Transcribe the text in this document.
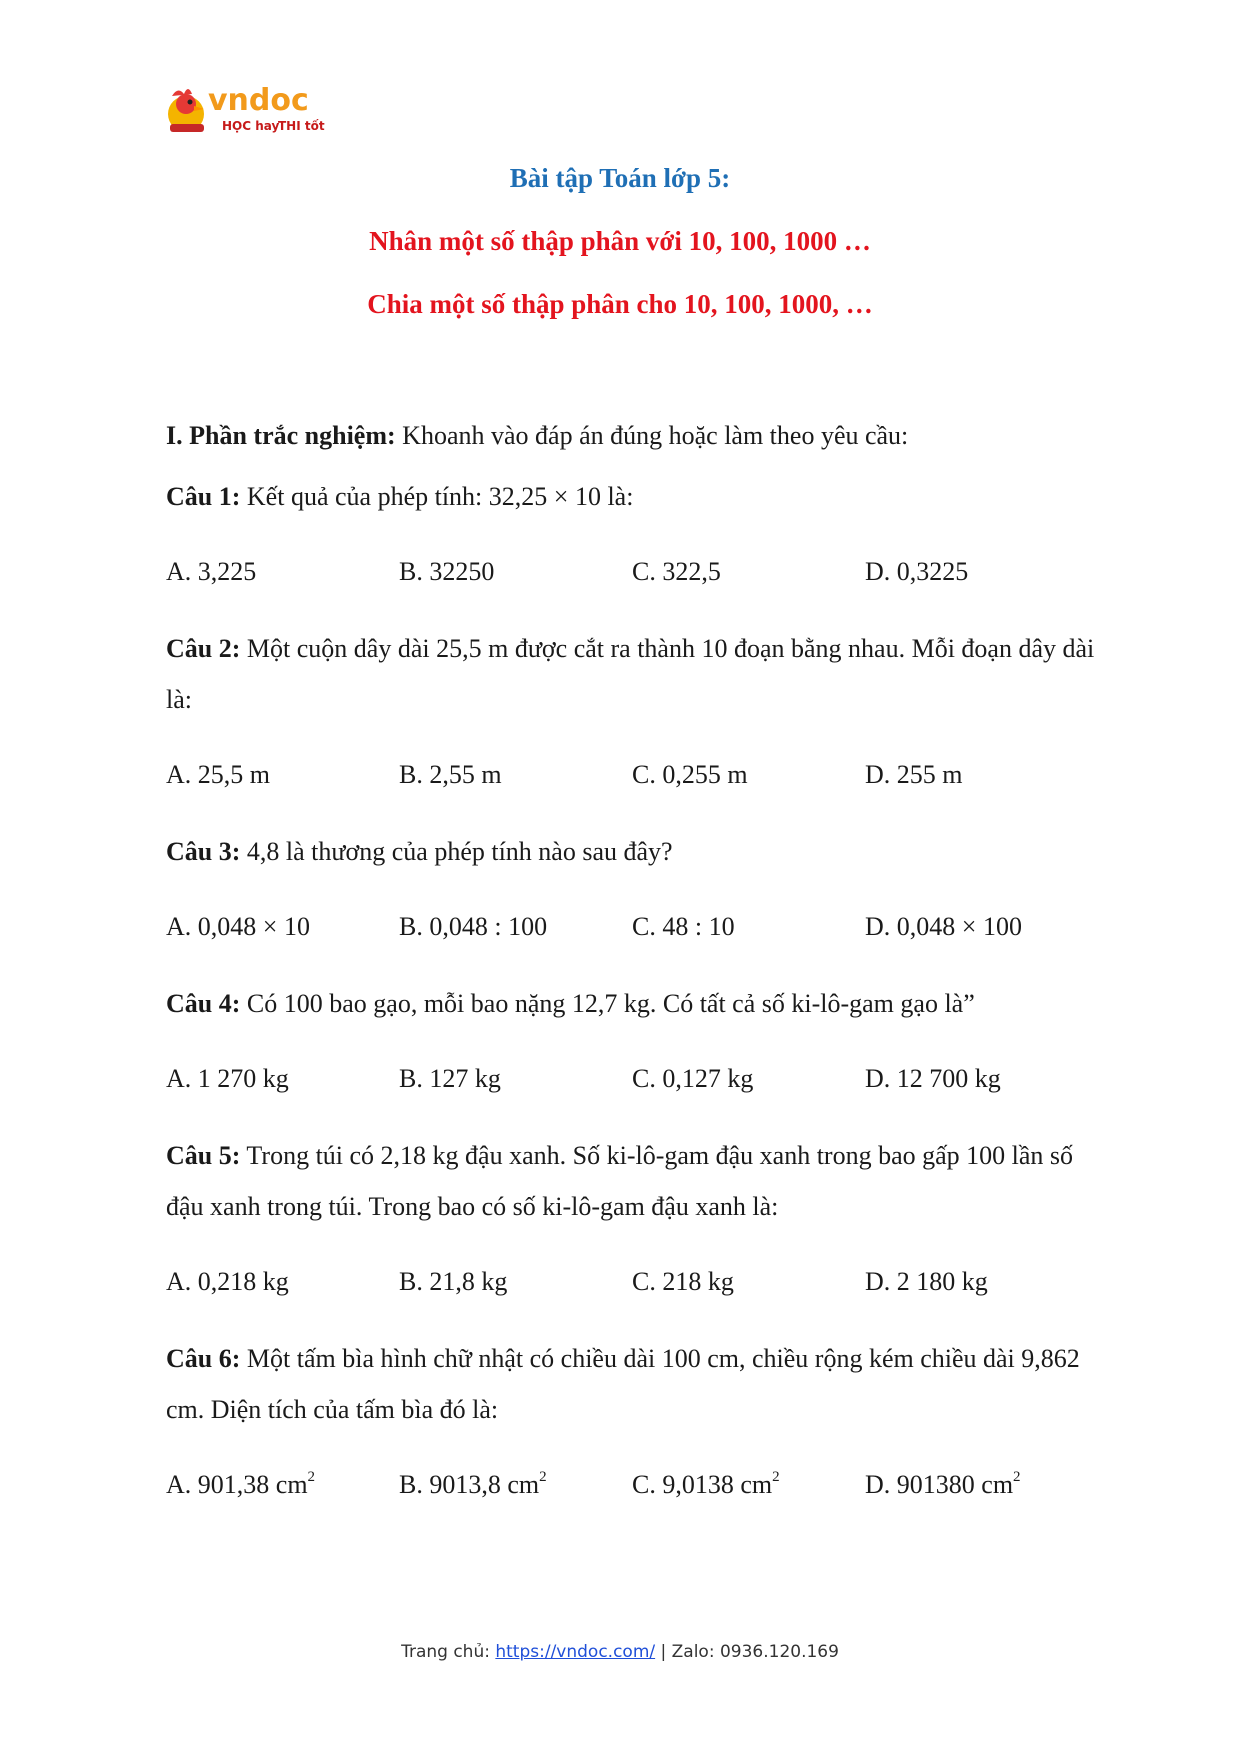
vndoc
HỌC hay
THI tốt
Bài tập Toán lớp 5:
Nhân một số thập phân với 10, 100, 1000 …
Chia một số thập phân cho 10, 100, 1000, …

I. Phần trắc nghiệm: Khoanh vào đáp án đúng hoặc làm theo yêu cầu:

Câu 1: Kết quả của phép tính: 32,25 × 10 là:

A. 3,225	B. 32250	C. 322,5	D. 0,3225

Câu 2: Một cuộn dây dài 25,5 m được cắt ra thành 10 đoạn bằng nhau. Mỗi đoạn dây dài là:

A. 25,5 m	B. 2,55 m	C. 0,255 m	D. 255 m

Câu 3: 4,8 là thương của phép tính nào sau đây?

A. 0,048 × 10	B. 0,048 : 100	C. 48 : 10	D. 0,048 × 100

Câu 4: Có 100 bao gạo, mỗi bao nặng 12,7 kg. Có tất cả số ki-lô-gam gạo là”

A. 1 270 kg	B. 127 kg	C. 0,127 kg	D. 12 700 kg

Câu 5: Trong túi có 2,18 kg đậu xanh. Số ki-lô-gam đậu xanh trong bao gấp 100 lần số đậu xanh trong túi. Trong bao có số ki-lô-gam đậu xanh là:

A. 0,218 kg	B. 21,8 kg	C. 218 kg	D. 2 180 kg

Câu 6: Một tấm bìa hình chữ nhật có chiều dài 100 cm, chiều rộng kém chiều dài 9,862 cm. Diện tích của tấm bìa đó là:

A. 901,38 $cm^2$	B. 9013,8 $cm^2$	C. 9,0138 $cm^2$	D. 901380 $cm^2$
Trang chủ: https://vndoc.com/ | Zalo: 0936.120.169
